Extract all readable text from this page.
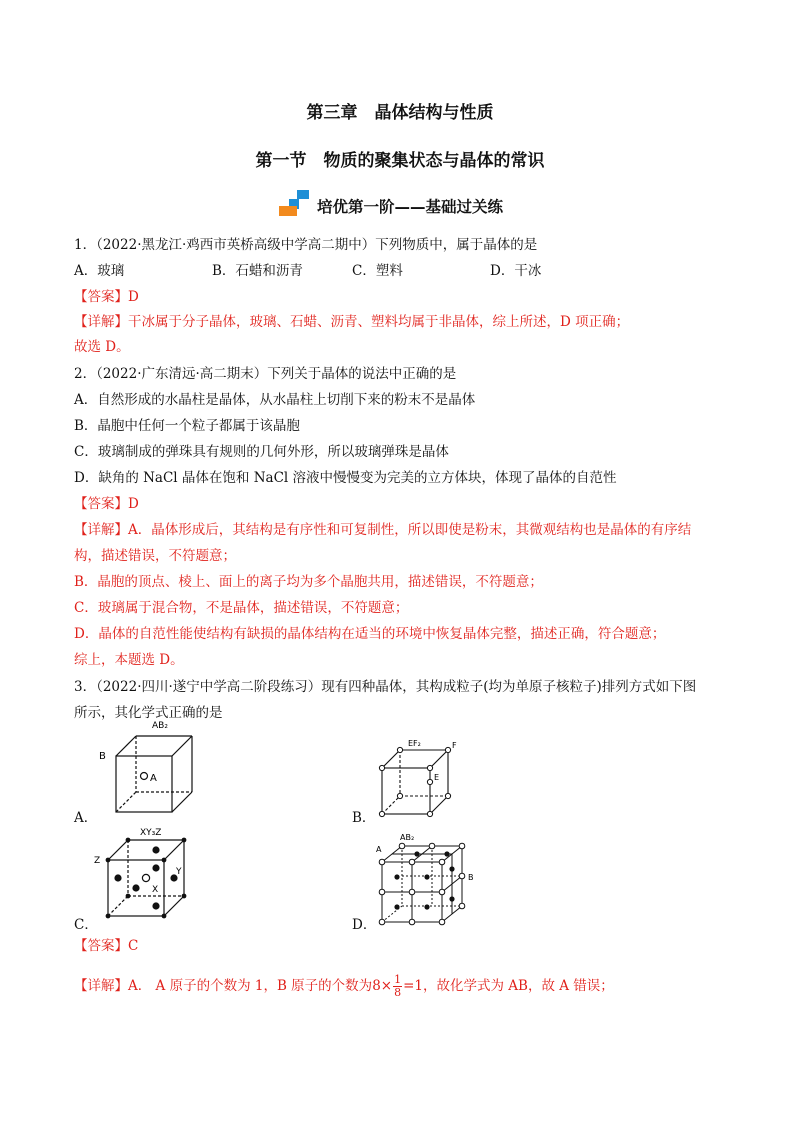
第三章　晶体结构与性质
第一节　物质的聚集状态与晶体的常识
培优第一阶——基础过关练
1．（2022·黑龙江·鸡西市英桥高级中学高二期中）下列物质中，属于晶体的是
A．玻璃	B．石蜡和沥青	C．塑料	D．干冰
【答案】D
【详解】干冰属于分子晶体，玻璃、石蜡、沥青、塑料均属于非晶体，综上所述，D 项正确；
故选 D。
2．（2022·广东清远·高二期末）下列关于晶体的说法中正确的是
A．自然形成的水晶柱是晶体，从水晶柱上切削下来的粉末不是晶体
B．晶胞中任何一个粒子都属于该晶胞
C．玻璃制成的弹珠具有规则的几何外形，所以玻璃弹珠是晶体
D．缺角的 NaCl 晶体在饱和 NaCl 溶液中慢慢变为完美的立方体块，体现了晶体的自范性
【答案】D
【详解】A．晶体形成后，其结构是有序性和可复制性，所以即使是粉末，其微观结构也是晶体的有序结
构，描述错误，不符题意；
B．晶胞的顶点、棱上、面上的离子均为多个晶胞共用，描述错误，不符题意；
C．玻璃属于混合物，不是晶体，描述错误，不符题意；
D．晶体的自范性能使结构有缺损的晶体结构在适当的环境中恢复晶体完整，描述正确，符合题意；
综上，本题选 D。
3．（2022·四川·遂宁中学高二阶段练习）现有四种晶体，其构成粒子(均为单原子核粒子)排列方式如下图
所示，其化学式正确的是
A．
AB₂
B
A
B．
EF₂	F
E
C．
XY₃Z
Z
Y
X
D．
A
AB₂
B
【答案】C
【详解】A． A 原子的个数为 1，B 原子的个数为$8\times \frac{1}{8} =1$，故化学式为 AB，故 A 错误；
